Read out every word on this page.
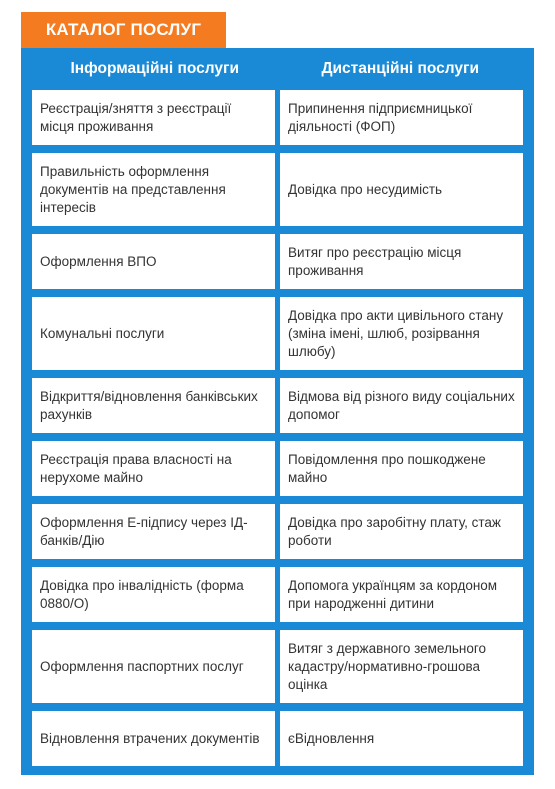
КАТАЛОГ ПОСЛУГ
Інформаційні послуги	Дистанційні послуги
Реєстрація/зняття з реєстрації місця проживання
Припинення підприємницької діяльності (ФОП)
Правильність оформлення документів на представлення інтересів
Довідка про несудимість
Оформлення ВПО
Витяг про реєстрацію місця проживання
Комунальні послуги
Довідка про акти цивільного стану (зміна імені, шлюб, розірвання шлюбу)
Відкриття/відновлення банківських рахунків
Відмова від різного виду соціальних допомог
Реєстрація права власності на нерухоме майно
Повідомлення про пошкоджене майно
Оформлення Е-підпису через ІД-банків/Дію
Довідка про заробітну плату, стаж роботи
Довідка про інвалідність (форма 0880/О)
Допомога українцям за кордоном при народженні дитини
Оформлення паспортних послуг
Витяг з державного земельного кадастру/нормативно-грошова оцінка
Відновлення втрачених документів	єВідновлення
